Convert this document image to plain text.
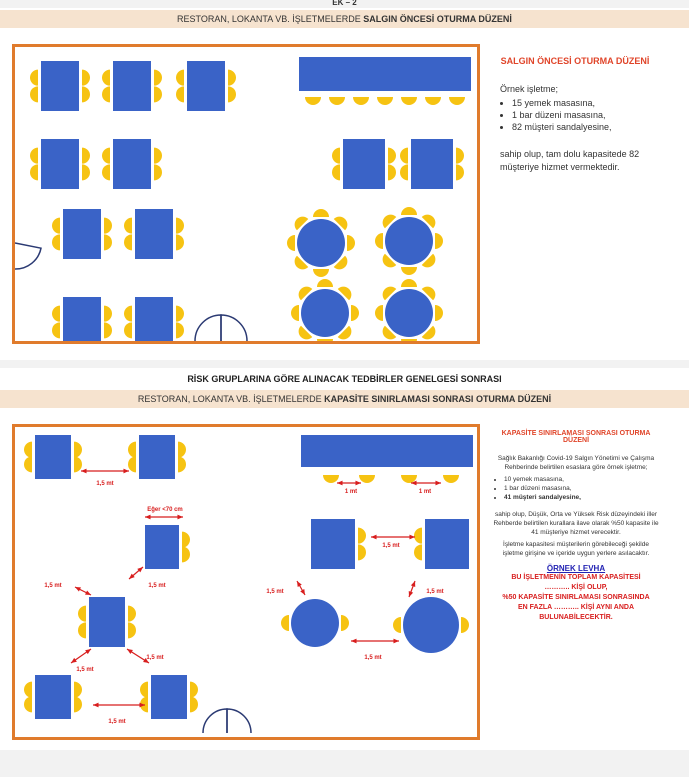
EK – 2
RESTORAN, LOKANTA VB. İŞLETMELERDE SALGIN ÖNCESİ OTURMA DÜZENİ
SALGIN ÖNCESİ OTURMA DÜZENİ
Örnek işletme;
• 15 yemek masasına,
• 1 bar düzeni masasına,
• 82 müşteri sandalyesine,
sahip olup, tam dolu kapasitede 82 müşteriye hizmet vermektedir.
RİSK GRUPLARINA GÖRE ALINACAK TEDBİRLER GENELGESİ SONRASI
RESTORAN, LOKANTA VB. İŞLETMELERDE KAPASİTE SINIRLAMASI SONRASI OTURMA DÜZENİ
1,5 mt
1 mt	1 mt
Eğer <70 cm
1,5 mt	1,5 mt
1,5 mt
1,5 mt
1,5 mt
1,5 mt
1,5 mt	1,5 mt
1,5 mt
KAPASİTE SINIRLAMASI SONRASI OTURMA DÜZENİ

Sağlık Bakanlığı Covid-19 Salgın Yönetimi ve Çalışma Rehberinde belirtilen esaslara göre örnek işletme;

• 10 yemek masasına,
• 1 bar düzeni masasına,
• 41 müşteri sandalyesine,

sahip olup, Düşük, Orta ve Yüksek Risk düzeyindeki iller Rehberde belirtilen kurallara ilave olarak %50 kapasite ile 41 müşteriye hizmet verecektir.

İşletme kapasitesi müşterilerin görebileceği şekilde işletme girişine ve içeride uygun yerlere asılacaktır.

ÖRNEK LEVHA
BU İŞLETMENİN TOPLAM KAPASİTESİ
……….. KİŞİ OLUP,
%50 KAPASİTE SINIRLAMASI SONRASINDA
EN FAZLA ……….. KİŞİ AYNI ANDA BULUNABİLECEKTİR.
